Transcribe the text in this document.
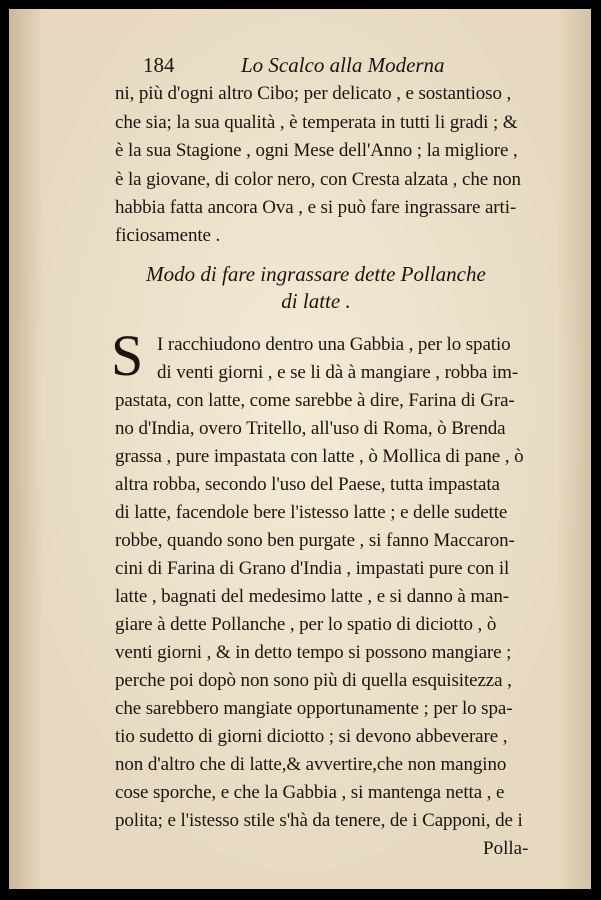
184	Lo Scalco alla Moderna
ni, più d'ogni altro Cibo; per delicato , e sostantioso ,
che sia; la sua qualità , è temperata in tutti li gradi ; &
è la sua Stagione , ogni Mese dell'Anno ; la migliore ,
è la giovane, di color nero, con Cresta alzata , che non
habbia fatta ancora Ova , e si può fare ingrassare arti-
ficiosamente .
Modo di fare ingrassare dette Pollanche
di latte .
S I racchiudono dentro una Gabbia , per lo spatio
di venti giorni , e se li dà à mangiare , robba im-
pastata, con latte, come sarebbe à dire, Farina di Gra-
no d'India, overo Tritello, all'uso di Roma, ò Brenda
grassa , pure impastata con latte , ò Mollica di pane , ò
altra robba, secondo l'uso del Paese, tutta impastata
di latte, facendole bere l'istesso latte ; e delle sudette
robbe, quando sono ben purgate , si fanno Maccaron-
cini di Farina di Grano d'India , impastati pure con il
latte , bagnati del medesimo latte , e si danno à man-
giare à dette Pollanche , per lo spatio di diciotto , ò
venti giorni , & in detto tempo si possono mangiare ;
perche poi dopò non sono più di quella esquisitezza ,
che sarebbero mangiate opportunamente ; per lo spa-
tio sudetto di giorni diciotto ; si devono abbeverare ,
non d'altro che di latte,& avvertire,che non mangino
cose sporche, e che la Gabbia , si mantenga netta , e
polita; e l'istesso stile s'hà da tenere, de i Capponi, de i
Polla-
